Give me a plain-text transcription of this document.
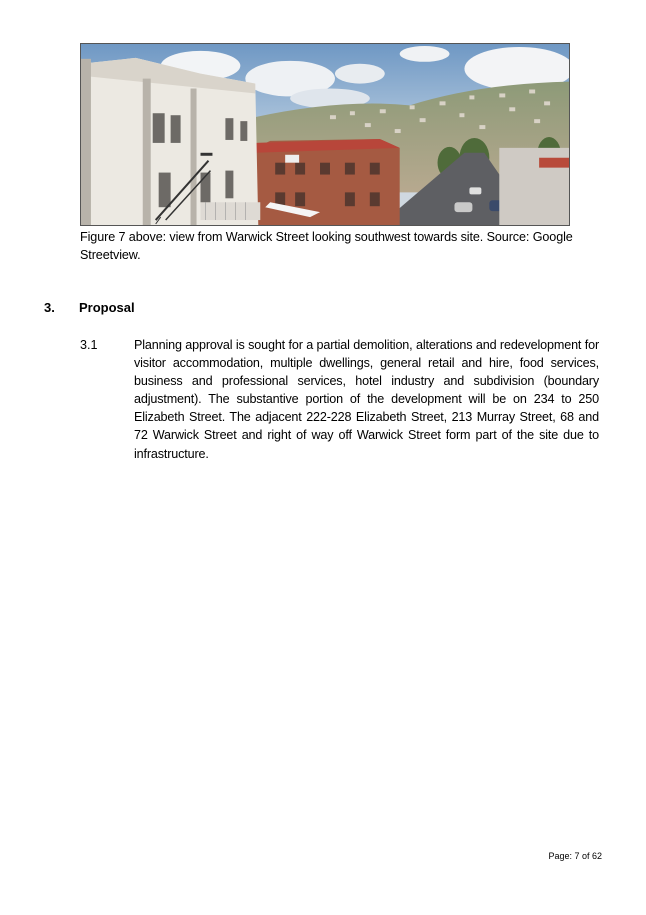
Figure 7 above: view from Warwick Street looking southwest towards site. Source: Google Streetview.
3. Proposal
3.1	Planning approval is sought for a partial demolition, alterations and redevelopment for visitor accommodation, multiple dwellings, general retail and hire, food services, business and professional services, hotel industry and subdivision (boundary adjustment). The substantive portion of the development will be on 234 to 250 Elizabeth Street. The adjacent 222-228 Elizabeth Street, 213 Murray Street, 68 and 72 Warwick Street and right of way off Warwick Street form part of the site due to infrastructure.
Page: 7 of 62
